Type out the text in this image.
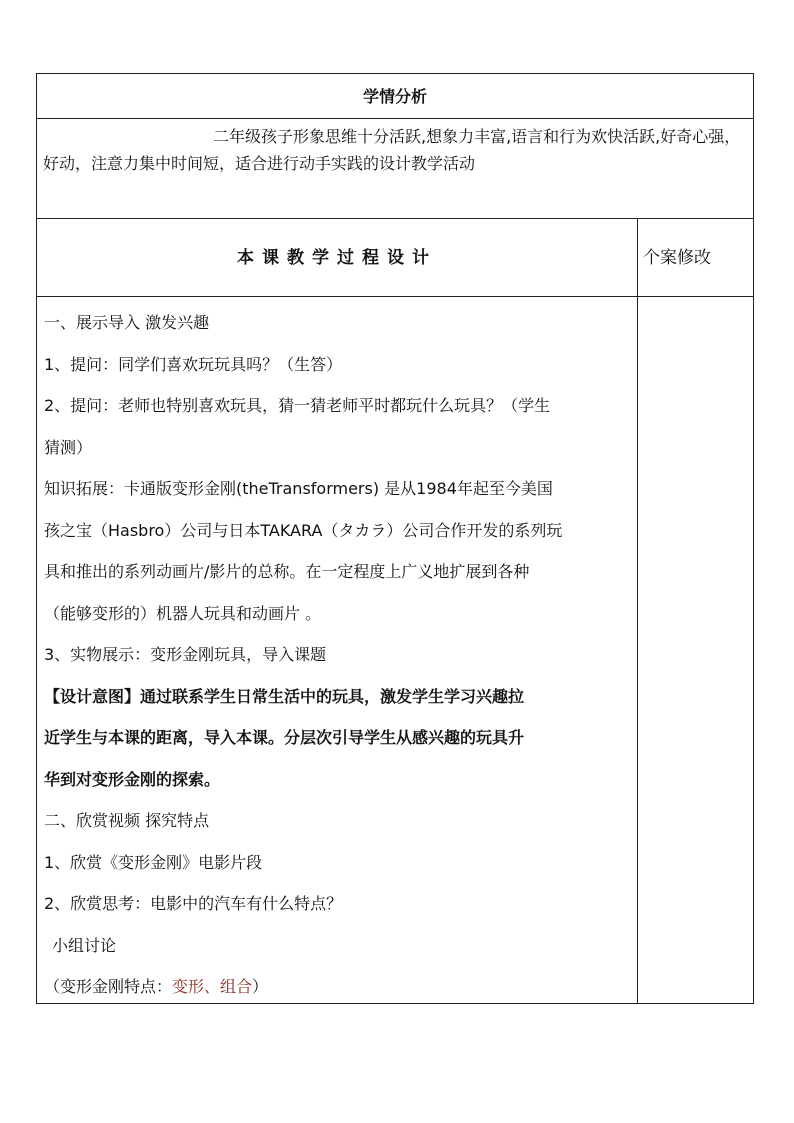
学情分析
二年级孩子形象思维十分活跃,想象力丰富,语言和行为欢快活跃,好奇心强，好动，注意力集中时间短，适合进行动手实践的设计教学活动
本课教学过程设计	个案修改
一、展示导入 激发兴趣
1、提问：同学们喜欢玩玩具吗？（生答）
2、提问：老师也特别喜欢玩具，猜一猜老师平时都玩什么玩具？（学生
猜测）
知识拓展：卡通版变形金刚(theTransformers) 是从1984年起至今美国
孩之宝（Hasbro）公司与日本TAKARA（タカラ）公司合作开发的系列玩
具和推出的系列动画片/影片的总称。在一定程度上广义地扩展到各种
（能够变形的）机器人玩具和动画片 。
3、实物展示：变形金刚玩具，导入课题
【设计意图】通过联系学生日常生活中的玩具，激发学生学习兴趣拉
近学生与本课的距离，导入本课。分层次引导学生从感兴趣的玩具升
华到对变形金刚的探索。
二、欣赏视频 探究特点
1、欣赏《变形金刚》电影片段
2、欣赏思考：电影中的汽车有什么特点？
小组讨论
（变形金刚特点：变形、组合）
